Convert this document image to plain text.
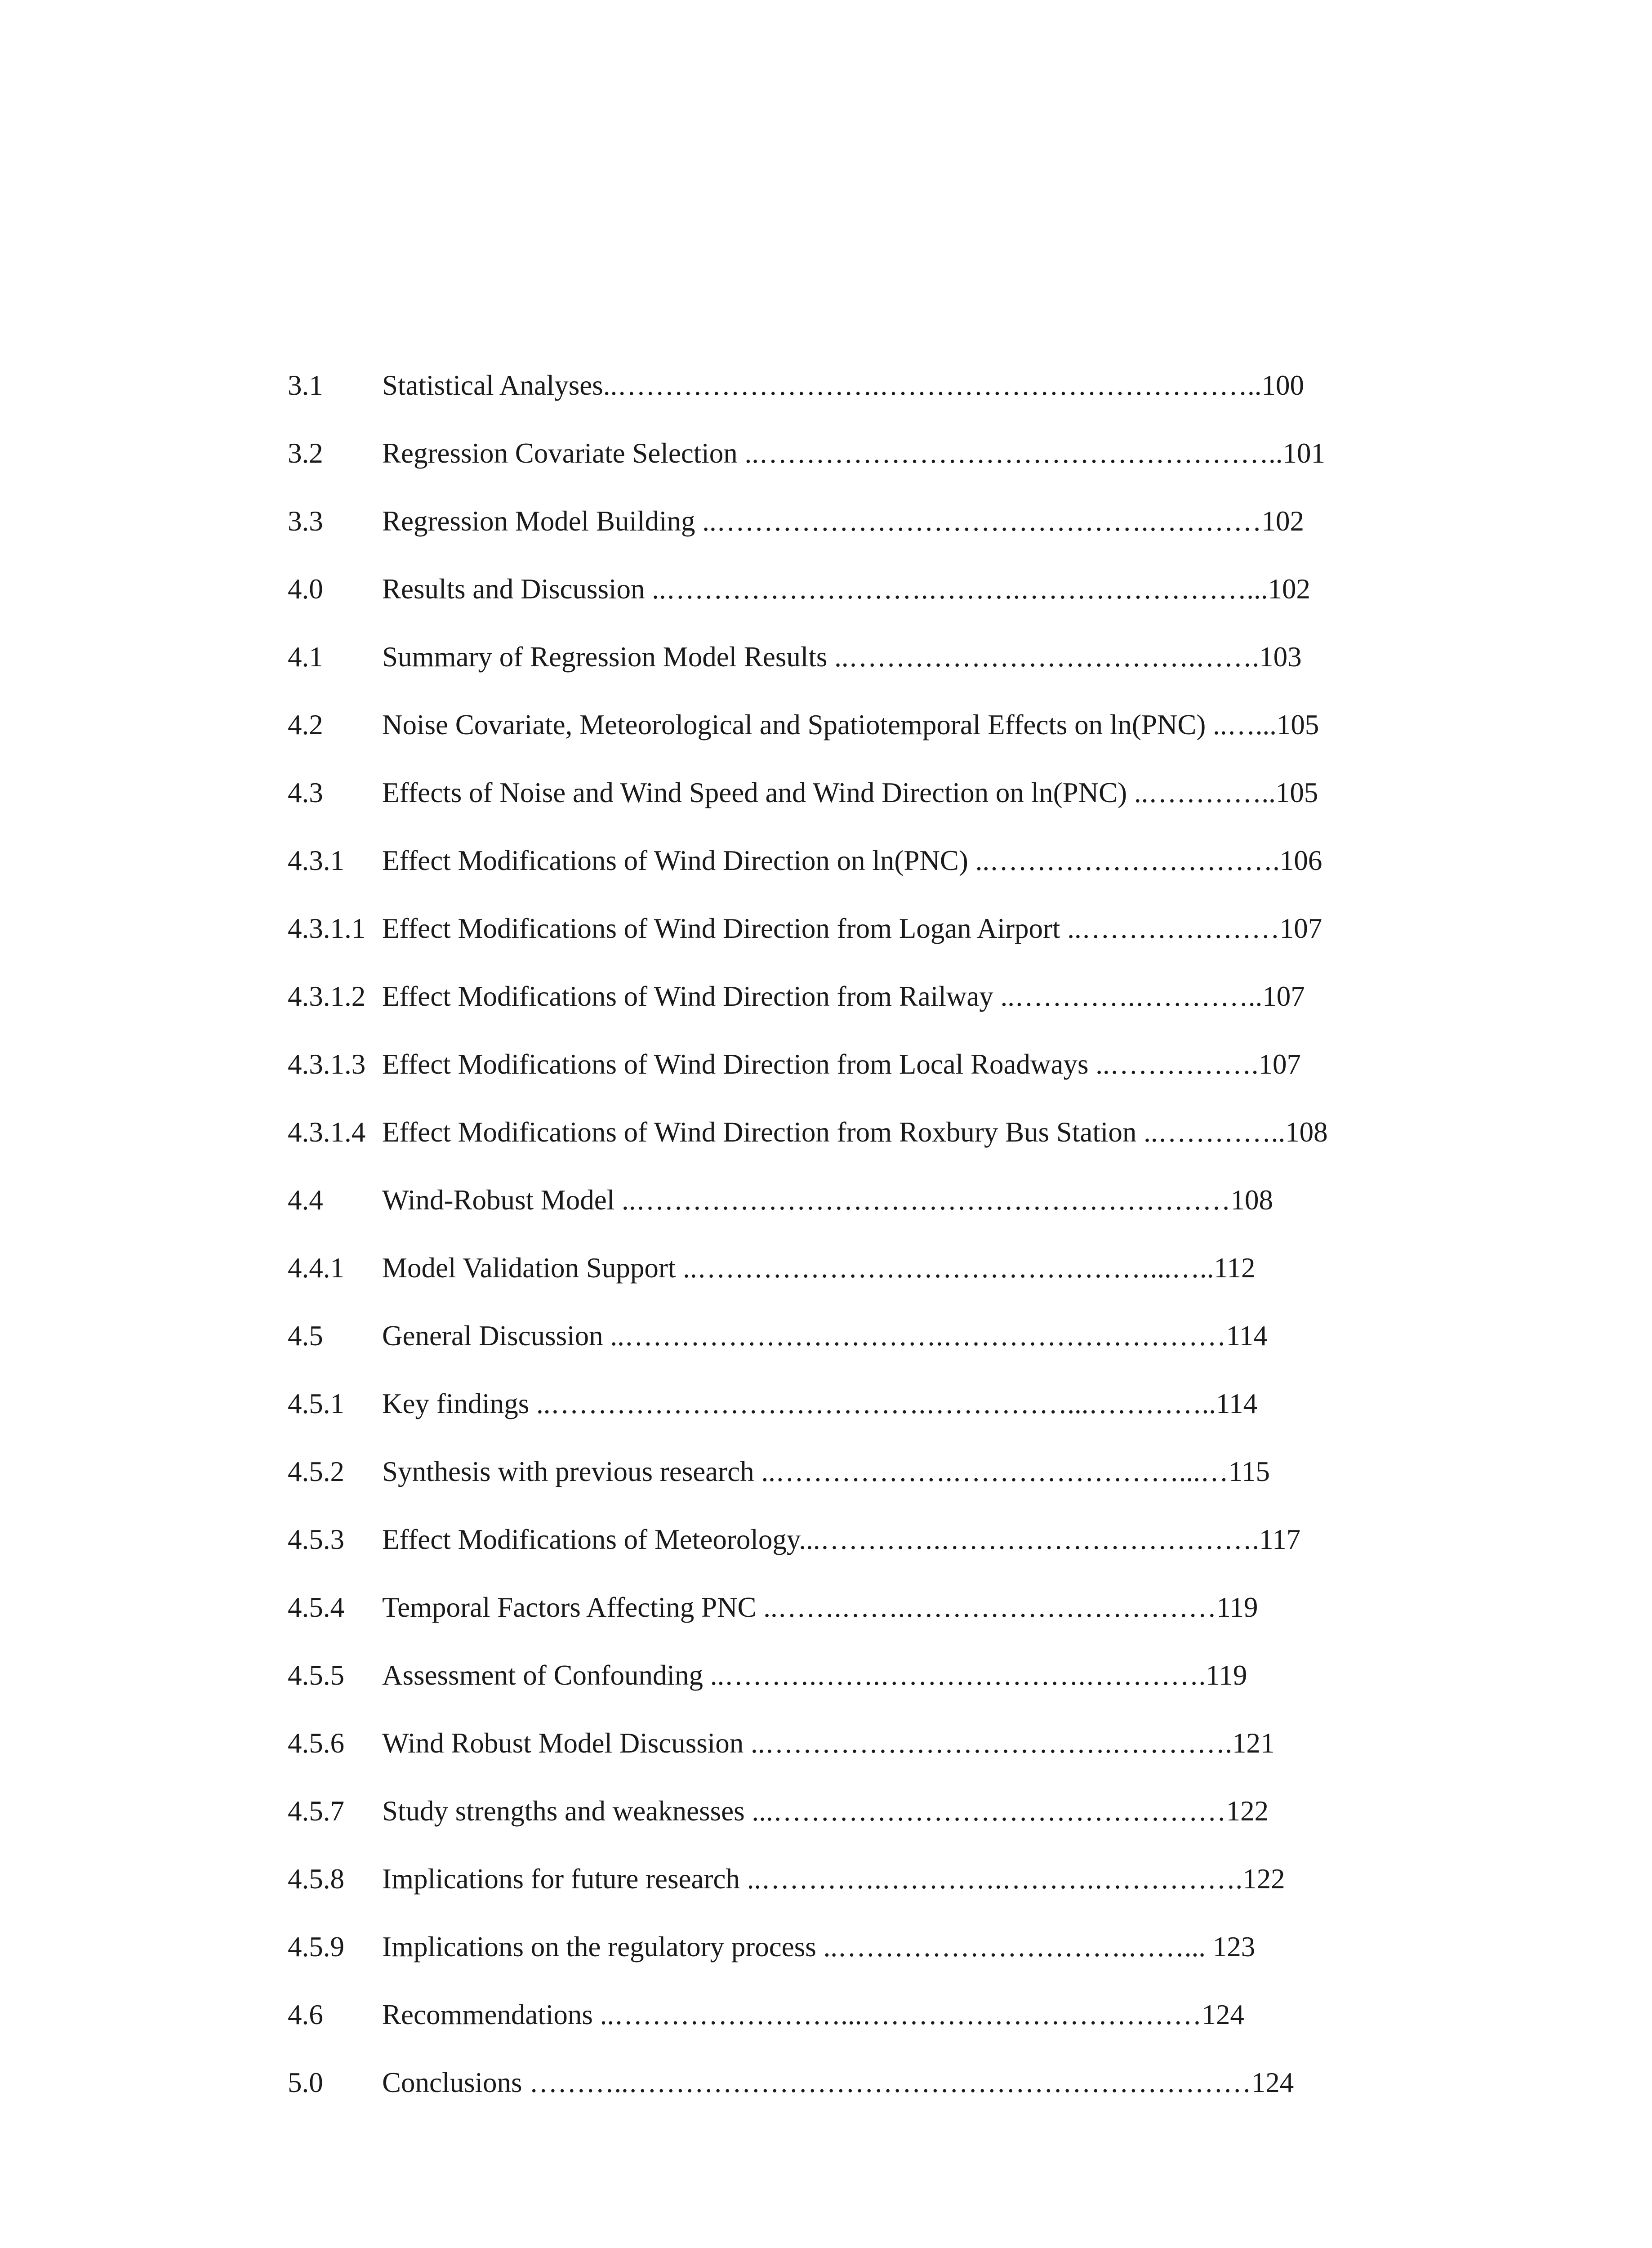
3.1 Statistical Analyses..……………………….…………………………………..100
3.2 Regression Covariate Selection ..………………………………………………..101
3.3 Regression Model Building ..……………………………………….…………102
4.0 Results and Discussion ..……………………….……….……………………...102
4.1 Summary of Regression Model Results ..……………………………….…….103
4.2 Noise Covariate, Meteorological and Spatiotemporal Effects on ln(PNC) ..…...105
4.3 Effects of Noise and Wind Speed and Wind Direction on ln(PNC) ..…………..105
4.3.1 Effect Modifications of Wind Direction on ln(PNC) ..………………………….106
4.3.1.1 Effect Modifications of Wind Direction from Logan Airport ..…………………107
4.3.1.2 Effect Modifications of Wind Direction from Railway ..………….…………..107
4.3.1.3 Effect Modifications of Wind Direction from Local Roadways ..…………….107
4.3.1.4 Effect Modifications of Wind Direction from Roxbury Bus Station ..…………..108
4.4 Wind-Robust Model ..………………………………………………………108
4.4.1 Model Validation Support ..…………………………………………...…..112
4.5 General Discussion ..…………………………….…………………………114
4.5.1 Key findings ..………………………………….……………...…………..114
4.5.2 Synthesis with previous research ..……………….……………………...…115
4.5.3 Effect Modifications of Meteorology...………….…………………………….117
4.5.4 Temporal Factors Affecting PNC ..…….…….……………………………119
4.5.5 Assessment of Confounding ..……….…….………………….………….119
4.5.6 Wind Robust Model Discussion ..……………………………….………….121
4.5.7 Study strengths and weaknesses ...…………………………………………122
4.5.8 Implications for future research ..………….………….……….…………….122
4.5.9 Implications on the regulatory process ..………………………….……... 123
4.6 Recommendations ..……………………...………………………………124
5.0 Conclusions ………..…………………………………………………………124
